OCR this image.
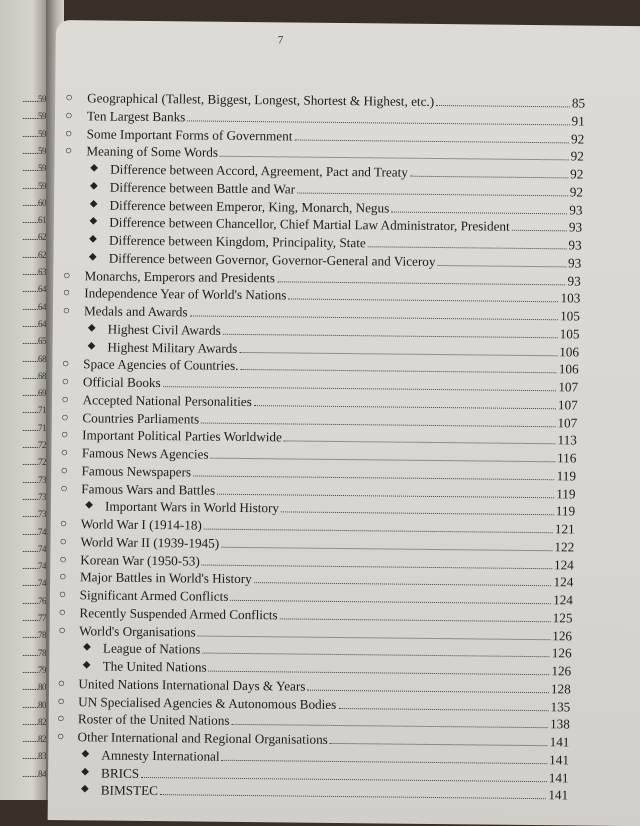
.........59
.........59
.........59
.........59
.........59
.........59
.........60
.........61
.........62
.........62
.........63
.........64
.........64
.........64
.........65
.........68
.........68
.........69
.........71
.........71
.........72
.........72
.........73
.........73
.........73
.........74
.........74
.........74
.........74
.........76
.........77
.........78
.........78
.........79
.........80
.........80
.........82
.........82
.........83
.........84
7
○ Geographical (Tallest, Biggest, Longest, Shortest & Highest, etc.)	85
○ Ten Largest Banks	91
○ Some Important Forms of Government	92
○ Meaning of Some Words	92
◆ Difference between Accord, Agreement, Pact and Treaty	92
◆ Difference between Battle and War	92
◆ Difference between Emperor, King, Monarch, Negus	93
◆ Difference between Chancellor, Chief Martial Law Administrator, President	93
◆ Difference between Kingdom, Principality, State	93
◆ Difference between Governor, Governor-General and Viceroy	93
○ Monarchs, Emperors and Presidents	93
○ Independence Year of World's Nations	103
○ Medals and Awards	105
◆ Highest Civil Awards	105
◆ Highest Military Awards	106
○ Space Agencies of Countries.	106
○ Official Books	107
○ Accepted National Personalities	107
○ Countries Parliaments	107
○ Important Political Parties Worldwide	113
○ Famous News Agencies	116
○ Famous Newspapers	119
○ Famous Wars and Battles	119
◆ Important Wars in World History	119
○ World War I (1914-18)	121
○ World War II (1939-1945)	122
○ Korean War (1950-53)	124
○ Major Battles in World's History	124
○ Significant Armed Conflicts	124
○ Recently Suspended Armed Conflicts	125
○ World's Organisations	126
◆ League of Nations	126
◆ The United Nations	126
○ United Nations International Days & Years	128
○ UN Specialised Agencies & Autonomous Bodies	135
○ Roster of the United Nations	138
○ Other International and Regional Organisations	141
◆ Amnesty International	141
◆ BRICS	141
◆ BIMSTEC	141
